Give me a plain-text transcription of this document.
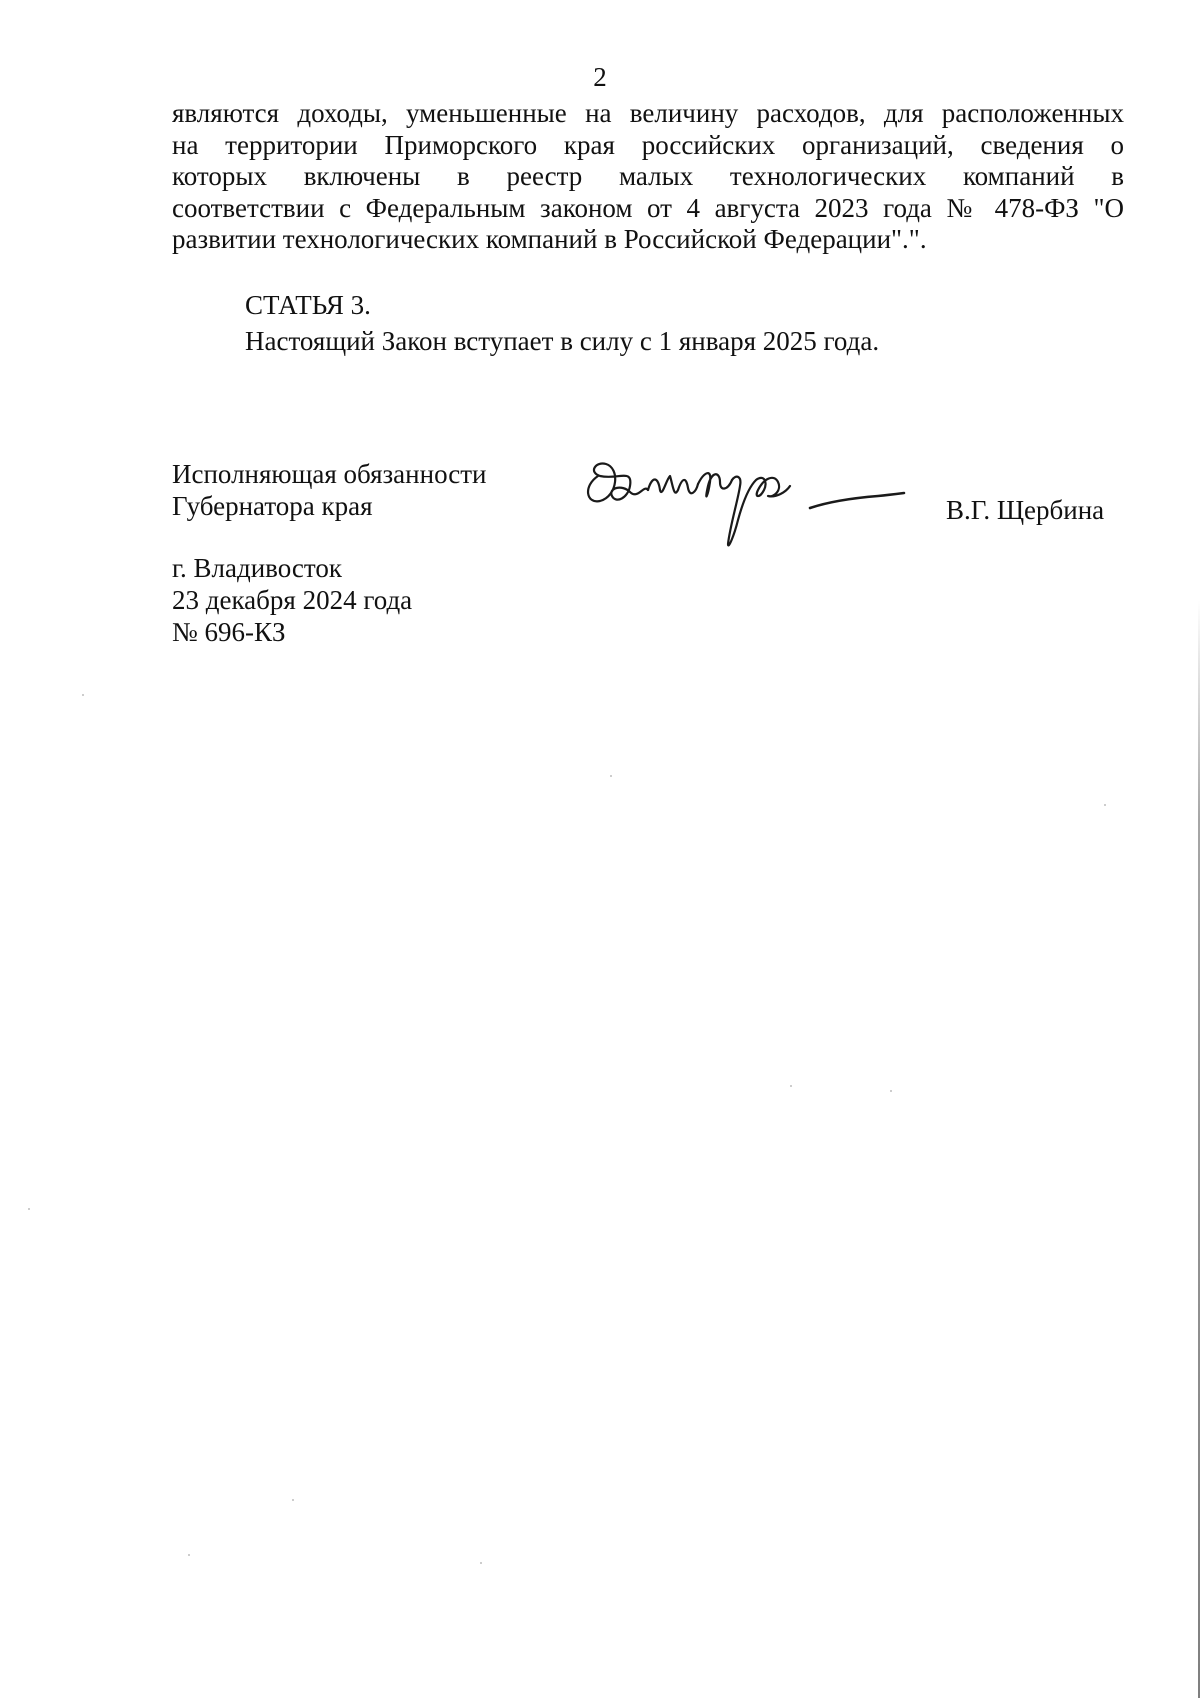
2
являются доходы, уменьшенные на величину расходов, для расположенных
на территории Приморского края российских организаций, сведения о
которых включены в реестр малых технологических компаний в
соответствии с Федеральным законом от 4 августа 2023 года № 478-ФЗ "О
развитии технологических компаний в Российской Федерации".".
СТАТЬЯ 3.
Настоящий Закон вступает в силу с 1 января 2025 года.
Исполняющая обязанности
Губернатора края	В.Г. Щербина
г. Владивосток
23 декабря 2024 года
№ 696-КЗ
